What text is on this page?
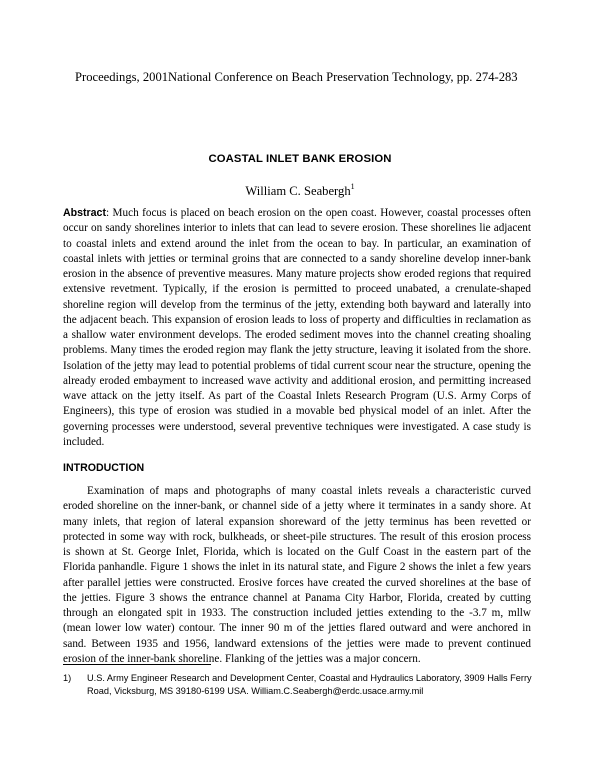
Proceedings, 2001National Conference on Beach Preservation Technology, pp. 274-283
COASTAL INLET BANK EROSION
William C. Seabergh$^1$
Abstract: Much focus is placed on beach erosion on the open coast. However, coastal processes often occur on sandy shorelines interior to inlets that can lead to severe erosion. These shorelines lie adjacent to coastal inlets and extend around the inlet from the ocean to bay. In particular, an examination of coastal inlets with jetties or terminal groins that are connected to a sandy shoreline develop inner-bank erosion in the absence of preventive measures. Many mature projects show eroded regions that required extensive revetment. Typically, if the erosion is permitted to proceed unabated, a crenulate-shaped shoreline region will develop from the terminus of the jetty, extending both bayward and laterally into the adjacent beach. This expansion of erosion leads to loss of property and difficulties in reclamation as a shallow water environment develops. The eroded sediment moves into the channel creating shoaling problems. Many times the eroded region may flank the jetty structure, leaving it isolated from the shore. Isolation of the jetty may lead to potential problems of tidal current scour near the structure, opening the already eroded embayment to increased wave activity and additional erosion, and permitting increased wave attack on the jetty itself. As part of the Coastal Inlets Research Program (U.S. Army Corps of Engineers), this type of erosion was studied in a movable bed physical model of an inlet. After the governing processes were understood, several preventive techniques were investigated. A case study is included.
INTRODUCTION
Examination of maps and photographs of many coastal inlets reveals a characteristic curved eroded shoreline on the inner-bank, or channel side of a jetty where it terminates in a sandy shore. At many inlets, that region of lateral expansion shoreward of the jetty terminus has been revetted or protected in some way with rock, bulkheads, or sheet-pile structures. The result of this erosion process is shown at St. George Inlet, Florida, which is located on the Gulf Coast in the eastern part of the Florida panhandle. Figure 1 shows the inlet in its natural state, and Figure 2 shows the inlet a few years after parallel jetties were constructed. Erosive forces have created the curved shorelines at the base of the jetties. Figure 3 shows the entrance channel at Panama City Harbor, Florida, created by cutting through an elongated spit in 1933. The construction included jetties extending to the -3.7 m, mllw (mean lower low water) contour. The inner 90 m of the jetties flared outward and were anchored in sand. Between 1935 and 1956, landward extensions of the jetties were made to prevent continued erosion of the inner-bank shoreline. Flanking of the jetties was a major concern.
1)	U.S. Army Engineer Research and Development Center, Coastal and Hydraulics Laboratory, 3909 Halls Ferry Road, Vicksburg, MS 39180-6199 USA. William.C.Seabergh@erdc.usace.army.mil
